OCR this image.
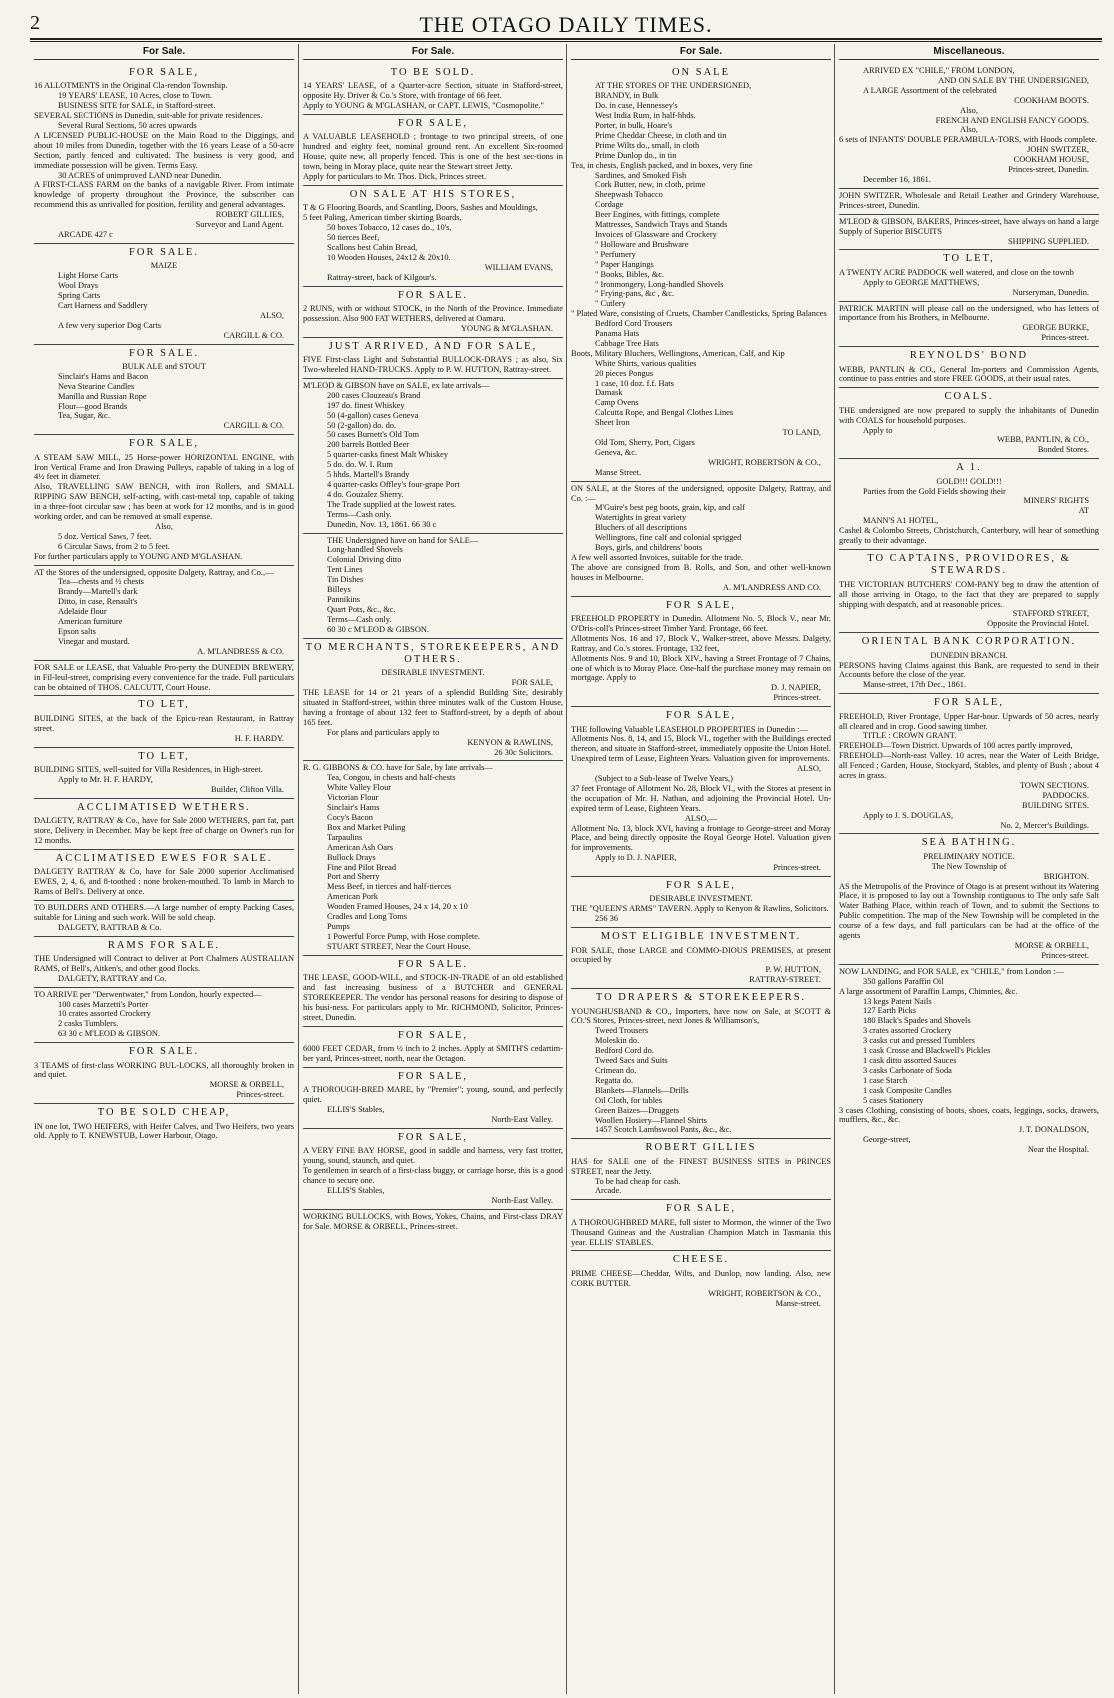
2	THE OTAGO DAILY TIMES.
For Sale.
FOR SALE,

16 ALLOTMENTS in the Original Cla-rendon Township.

19 YEARS' LEASE, 10 Acres, close to Town.

BUSINESS SITE for SALE, in Stafford-street.

SEVERAL SECTIONS in Dunedin, suit-able for private residences.

Several Rural Sections, 50 acres upwards

A LICENSED PUBLIC-HOUSE on the Main Road to the Diggings, and about 10 miles from Dunedin, together with the 16 years Lease of a 50-acre Section, partly fenced and cultivated. The business is very good, and immediate possession will be given. Terms Easy.

30 ACRES of unimproved LAND near Dunedin.

A FIRST-CLASS FARM on the banks of a navigable River. From intimate knowledge of property throughout the Province, the subscriber can recommend this as unrivalled for position, fertility and general advantages.

ROBERT GILLIES,

Surveyor and Land Agent.

ARCADE 427 c

FOR SALE.

MAIZE

Light Horse Carts

Wool Drays

Spring Carts

Cart Harness and Saddlery

ALSO,

A few very superior Dog Carts

CARGILL & CO.

FOR SALE.

BULK ALE and STOUT

Sinclair's Hams and Bacon

Neva Stearine Candles

Manilla and Russian Rope

Flour—good Brands

Tea, Sugar, &c.

CARGILL & CO.

FOR SALE,

A STEAM SAW MILL, 25 Horse-power HORIZONTAL ENGINE, with Iron Vertical Frame and Iron Drawing Pulleys, capable of taking in a log of 4½ feet in diameter.

Also, TRAVELLING SAW BENCH, with iron Rollers, and SMALL RIPPING SAW BENCH, self-acting, with cast-metal top, capable of taking in a three-foot circular saw ; has been at work for 12 months, and is in good working order, and can be removed at small expense.

Also,

5 doz. Vertical Saws, 7 feet.

6 Circular Saws, from 2 to 5 feet.

For further particulars apply to YOUNG AND M'GLASHAN.

AT the Stores of the undersigned, opposite Dalgety, Rattray, and Co.,—

Tea—chests and ½ chests

Brandy—Martell's dark

Ditto, in case, Renault's

Adelaide flour

American furniture

Epson salts

Vinegar and mustard.

A. M'LANDRESS & CO.

FOR SALE or LEASE, that Valuable Pro-perty the DUNEDIN BREWERY, in Fil-leul-street, comprising every convenience for the trade. Full particulars can be obtained of THOS. CALCUTT, Court House.

TO LET,

BUILDING SITES, at the back of the Epicu-rean Restaurant, in Rattray street.

H. F. HARDY.

TO LET,

BUILDING SITES, well-suited for Villa Residences, in High-street.

Apply to Mr. H. F. HARDY,

Builder, Clifton Villa.

ACCLIMATISED WETHERS.

DALGETY, RATTRAY & Co., have for Sale 2000 WETHERS, part fat, part store, Delivery in December. May be kept free of charge on Owner's run for 12 months.

ACCLIMATISED EWES FOR SALE.

DALGETY RATTRAY & Co, have for Sale 2000 superior Acclimatised EWES, 2, 4, 6, and 8-toothed : none broken-mouthed. To lamb in March to Rams of Bell's. Delivery at once.

TO BUILDERS AND OTHERS.—A large number of empty Packing Cases, suitable for Lining and such work. Will be sold cheap.

DALGETY, RATTRAB & Co.

RAMS FOR SALE.

THE Undersigned will Contract to deliver at Port Chalmers AUSTRALIAN RAMS, of Bell's, Aitken's, and other good flocks.

DALGETY, RATTRAY and Co.

TO ARRIVE per "Derwentwater," from London, hourly expected—

100 cases Marzetti's Porter

10 crates assorted Crockery

2 casks Tumblers.

63 30 c M'LEOD & GIBSON.

FOR SALE.

3 TEAMS of first-class WORKING BUL-LOCKS, all thoroughly broken in and quiet.

MORSE & ORBELL,

Princes-street.

TO BE SOLD CHEAP,

IN one lot, TWO HEIFERS, with Heifer Calves, and Two Heifers, two years old. Apply to T. KNEWSTUB, Lower Harbour, Otago.

For Sale.
TO BE SOLD.

14 YEARS' LEASE, of a Quarter-acre Section, situate in Stafford-street, opposite Hy. Driver & Co.'s Store, with frontage of 66 feet.

Apply to YOUNG & M'GLASHAN, or CAPT. LEWIS, "Cosmopolite."

FOR SALE,

A VALUABLE LEASEHOLD ; frontage to two principal streets, of one hundred and eighty feet, nominal ground rent. An excellent Six-roomed House, quite new, all properly fenced. This is one of the best sec-tions in town, being in Moray place, quite near the Stewart street Jetty.

Apply for particulars to Mr. Thos. Dick, Princes street.

ON SALE AT HIS STORES,

T & G Flooring Boards, and Scantling, Doors, Sashes and Mouldings,

5 feet Paling, American timber skirting Boards,

50 boxes Tobacco, 12 cases do., 10's,

50 tierces Beef,

Scallons best Cabin Bread,

10 Wooden Houses, 24x12 & 20x10.

WILLIAM EVANS,

Rattray-street, back of Kilgour's.

FOR SALE.

2 RUNS, with or without STOCK, in the North of the Province. Immediate possession. Also 900 FAT WETHERS, delivered at Oamaru.

YOUNG & M'GLASHAN.

JUST ARRIVED, AND FOR SALE,

FIVE First-class Light and Substantial BULLOCK-DRAYS ; as also, Six Two-wheeled HAND-TRUCKS. Apply to P. W. HUTTON, Rattray-street.

M'LEOD & GIBSON have on SALE, ex late arrivals—

200 cases Clouzeau's Brand

197 do. finest Whiskey

50 (4-gallon) cases Geneva

50 (2-gallon) do. do.

50 cases Burnett's Old Tom

200 barrels Bottled Beer

5 quarter-casks finest Malt Whiskey

5 do. do. W. I. Rum

5 hhds. Martell's Brandy

4 quarter-casks Offley's four-grape Port

4 do. Gouzalez Sherry.

The Trade supplied at the lowest rates.

Terms—Cash only.

Dunedin, Nov. 13, 1861. 66 30 c

THE Undersigned have on hand for SALE—

Long-handled Shovels

Colonial Driving ditto

Tent Lines

Tin Dishes

Billeys

Pannikins

Quart Pots, &c., &c.

Terms—Cash only.

60 30 c M'LEOD & GIBSON.

TO MERCHANTS, STOREKEEPERS, AND OTHERS.

DESIRABLE INVESTMENT.

FOR SALE,

THE LEASE for 14 or 21 years of a splendid Building Site, desirably situated in Stafford-street, within three minutes walk of the Custom House, having a frontage of about 132 feet to Stafford-street, by a depth of about 165 feet.

For plans and particulars apply to

KENYON & RAWLINS,

26 30c Solicitors.

R. G. GIBBONS & CO. have for Sale, by late arrivals—

Tea, Congou, in chests and half-chests

White Valley Flour

Victorian Flour

Sinclair's Hams

Cocy's Bacon

Box and Market Puling

Tarpaulins

American Ash Oars

Bullock Drays

Fine and Pilot Bread

Port and Sherry

Mess Beef, in tierces and half-tierces

American Pork

Wooden Framed Houses, 24 x 14, 20 x 10

Cradles and Long Toms

Pumps

1 Powerful Force Pump, with Hose complete.

STUART STREET, Near the Court House.

FOR SALE.

THE LEASE, GOOD-WILL, and STOCK-IN-TRADE of an old established and fast increasing business of a BUTCHER and GENERAL STOREKEEPER. The vendor has personal reasons for desiring to dispose of his busi-ness. For particulars apply to Mr. RICHMOND, Solicitor, Princes-street, Dunedin.

FOR SALE,

6000 FEET CEDAR, from ½ inch to 2 inches. Apply at SMITH'S cedartim-ber yard, Princes-street, north, near the Octagon.

FOR SALE,

A THOROUGH-BRED MARE, by "Premier"; young, sound, and perfectly quiet.

ELLIS'S Stables,

North-East Valley.

FOR SALE,

A VERY FINE BAY HORSE, good in saddle and harness, very fast trotter, young, sound, staunch, and quiet.

To gentlemen in search of a first-class buggy, or carriage horse, this is a good chance to secure one.

ELLIS'S Stables,

North-East Valley.

WORKING BULLOCKS, with Bows, Yokes, Chains, and First-class DRAY for Sale. MORSE & ORBELL, Princes-street.

For Sale.
ON SALE

AT THE STORES OF THE UNDERSIGNED,

BRANDY, in Bulk

Do. in case, Hennessey's

West India Rum, in half-hhds.

Porter, in bulk, Hoare's

Prime Cheddar Cheese, in cloth and tin

Prime Wilts do., small, in cloth

Prime Dunlop do., in tin

Tea, in chests, English packed, and in boxes, very fine

Sardines, and Smoked Fish

Cork Butter, new, in cloth, prime

Sheepwash Tobacco

Cordage

Beer Engines, with fittings, complete

Mattresses, Sandwich Trays and Stands

Invoices of Glassware and Crockery

" Holloware and Brushware

" Perfumery

" Paper Hangings

" Books, Bibles, &c.

" Ironmongery, Long-handled Shovels

" Frying-pans, &c , &c.

" Cutlery

" Plated Ware, consisting of Cruets, Chamber Candlesticks, Spring Balances

Bedford Cord Trousers

Panama Hats

Cabbage Tree Hats

Boots, Military Bluchers, Wellingtons, American, Calf, and Kip

White Shirts, various qualities

20 pieces Pongus

1 case, 10 doz. f.f. Hats

Damask

Camp Ovens

Calcutta Rope, and Bengal Clothes Lines

Sheet Iron

TO LAND,

Old Tom, Sherry, Port, Cigars

Geneva, &c.

WRIGHT, ROBERTSON & CO.,

Manse Street.

ON SALE, at the Stores of the undersigned, opposite Dalgety, Rattray, and Co. :—

M'Guire's best peg boots, grain, kip, and calf

Watertights in great variety

Bluchers of all descriptions

Wellingtons, fine calf and colonial sprigged

Boys, girls, and childrens' boots

A few well assorted Invoices, suitable for the trade.

The above are consigned from B. Rolls, and Son, and other well-known houses in Melbourne.

A. M'LANDRESS AND CO.

FOR SALE,

FREEHOLD PROPERTY in Dunedin. Allotment No. 5, Block V., near Mr. O'Dris-coll's Princes-street Timber Yard. Frontage, 66 feet.

Allotments Nos. 16 and 17, Block V., Walker-street, above Messrs. Dalgety, Rattray, and Co.'s stores. Frontage, 132 feet,

Allotments Nos. 9 and 10, Block XIV., having a Street Frontage of 7 Chains, one of which is to Moray Place. One-half the purchase money may remain on mortgage. Apply to

D. J. NAPIER,

Princes-street.

FOR SALE,

THE following Valuable LEASEHOLD PROPERTIES in Dunedin :—

Allotments Nos. 8, 14, and 15, Block VI., together with the Buildings erected thereon, and situate in Stafford-street, immediately opposite the Union Hotel. Unexpired term of Lease, Eighteen Years. Valuation given for improvements.

ALSO,

(Subject to a Sub-lease of Twelve Years,)

37 feet Frontage of Allotment No. 28, Block VI., with the Stores at present in the occupation of Mr. H. Nathan, and adjoining the Provincial Hotel. Un-expired term of Lease, Eighteen Years.

ALSO,—

Allotment No. 13, block XVI, having a frontage to George-street and Moray Place, and being directly opposite the Royal George Hotel. Valuation given for improvements.

Apply to D. J. NAPIER,

Princes-street.

FOR SALE,

DESIRABLE INVESTMENT.

THE "QUEEN'S ARMS" TAVERN. Apply to Kenyon & Rawlins, Solicitors.

256 36

MOST ELIGIBLE INVESTMENT.

FOR SALE, those LARGE and COMMO-DIOUS PREMISES, at present occupied by

P. W. HUTTON,

RATTRAY-STREET.

TO DRAPERS & STOREKEEPERS.

YOUNGHUSBAND & CO., Importers, have now on Sale, at SCOTT & CO.'S Stores, Princes-street, next Jones & Williamson's,

Tweed Trousers

Moleskin do.

Bedford Cord do.

Tweed Sacs and Suits

Crimean do.

Regatta do.

Blankets—Flannels—Drills

Oil Cloth, for tables

Green Baizes—Druggets

Woollen Hosiery—Flannel Shirts

1457 Scotch Lambswool Pants, &c., &c.

ROBERT GILLIES

HAS for SALE one of the FINEST BUSINESS SITES in PRINCES STREET, near the Jetty.

To be had cheap for cash.

Arcade.

FOR SALE,

A THOROUGHBRED MARE, full sister to Mormon, the winner of the Two Thousand Guineas and the Australian Champion Match in Tasmania this year. ELLIS' STABLES.

CHEESE.

PRIME CHEESE—Cheddar, Wilts, and Dunlop, now landing. Also, new CORK BUTTER.

WRIGHT, ROBERTSON & CO.,

Manse-street.

Miscellaneous.

ARRIVED EX "CHILE," FROM LONDON,

AND ON SALE BY THE UNDERSIGNED,

A LARGE Assortment of the celebrated

COOKHAM BOOTS.

Also,

FRENCH AND ENGLISH FANCY GOODS.

Also,

6 sets of INFANTS' DOUBLE PERAMBULA-TORS, with Hoods complete.

JOHN SWITZER,

COOKHAM HOUSE,

Princes-street, Dunedin.

December 16, 1861.

JOHN SWITZER, Wholesale and Retail Leather and Grindery Warehouse, Princes-street, Dunedin.

M'LEOD & GIBSON, BAKERS, Princes-street, have always on hand a large Supply of Superior BISCUITS

SHIPPING SUPPLIED.

TO LET,

A TWENTY ACRE PADDOCK well watered, and close on the townb

Apply to GEORGE MATTHEWS,

Nurseryman, Dunedin.

PATRICK MARTIN will please call on the undersigned, who has letters of importance from his Brothers, in Melbourne.

GEORGE BURKE,

Princes-street.

REYNOLDS' BOND

WEBB, PANTLIN & CO., General Im-porters and Commission Agents, continue to pass entries and store FREE GOODS, at their usual rates.

COALS.

THE undersigned are now prepared to supply the inhabitants of Dunedin with COALS for household purposes.

Apply to

WEBB, PANTLIN, & CO.,

Bonded Stores.

A 1.

GOLD!!! GOLD!!!

Parties from the Gold Fields showing their

MINERS' RIGHTS

AT

MANN'S A1 HOTEL,

Cashel & Colombo Streets, Christchurch, Canterbury, will hear of something greatly to their advantage.

TO CAPTAINS, PROVIDORES, & STEWARDS.

THE VICTORIAN BUTCHERS' COM-PANY beg to draw the attention of all those arriving in Otago, to the fact that they are prepared to supply shipping with despatch, and at reasonable prices.

STAFFORD STREET,

Opposite the Provincial Hotel.

ORIENTAL BANK CORPORATION.

DUNEDIN BRANCH.

PERSONS having Claims against this Bank, are requested to send in their Accounts before the close of the year.

Manse-street, 17th Dec., 1861.

FOR SALE,

FREEHOLD, River Frontage, Upper Har-bour. Upwards of 50 acres, nearly all cleared and in crop. Good sawing timber.

TITLE : CROWN GRANT.

FREEHOLD—Town District. Upwards of 100 acres partly improved,

FREEHOLD—North-east Valley. 10 acres, near the Water of Leith Bridge, all Fenced ; Garden, House, Stockyard, Stables, and plenty of Bush ; about 4 acres in grass.

TOWN SECTIONS.

PADDOCKS.

BUILDING SITES.

Apply to J. S. DOUGLAS,

No. 2, Mercer's Buildings.

SEA BATHING.

PRELIMINARY NOTICE.

The New Township of

BRIGHTON.

AS the Metropolis of the Province of Otago is at present without its Watering Place, it is proposed to lay out a Township contiguous to The only safe Salt Water Bathing Place, within reach of Town, and to submit the Sections to Public competition. The map of the New Township will be completed in the course of a few days, and full particulars can be had at the office of the agents

MORSE & ORBELL,

Princes-street.

NOW LANDING, and FOR SALE, ex "CHILE," from London :—

350 gallons Paraffin Oil

A large assortment of Paraffin Lamps, Chimnies, &c.

13 kegs Patent Nails

127 Earth Picks

180 Black's Spades and Shovels

3 crates assorted Crockery

3 casks cut and pressed Tumblers

1 cask Crosse and Blackwell's Pickles

1 cask ditto assorted Sauces

3 casks Carbonate of Soda

1 case Starch

1 cask Composite Candles

5 cases Stationery

3 cases Clothing, consisting of boots, shoes, coats, leggings, socks, drawers, mufflers, &c., &c.

J. T. DONALDSON,

George-street,

Near the Hospital.
